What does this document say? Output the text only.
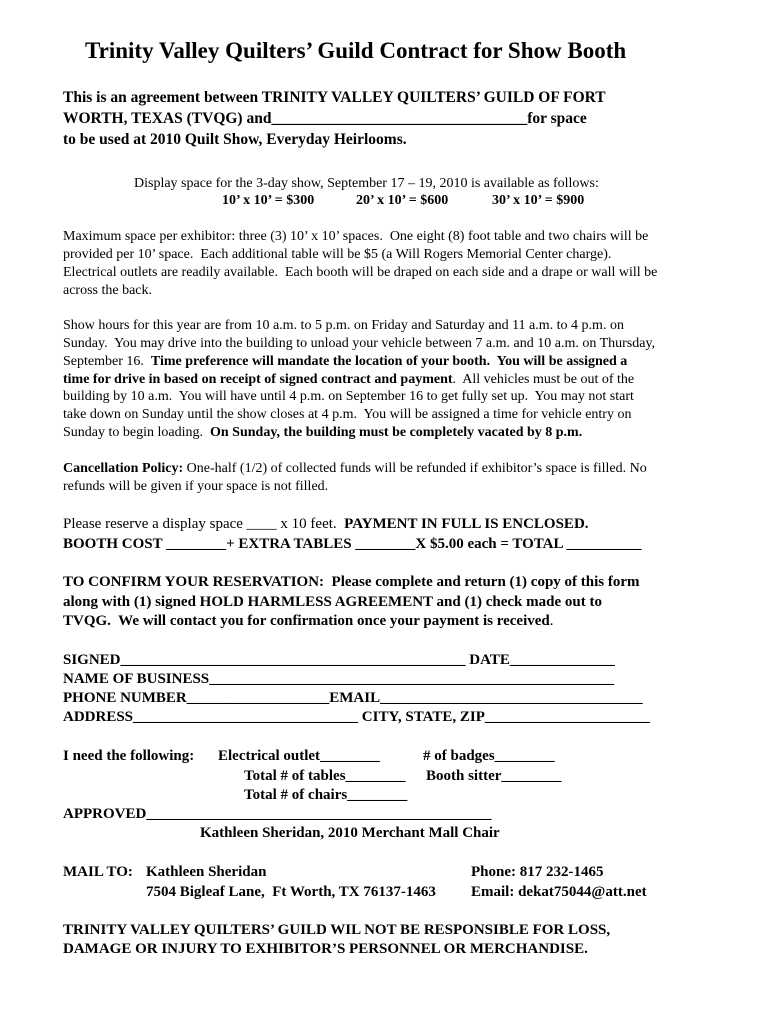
Trinity Valley Quilters’ Guild Contract for Show Booth
This is an agreement between TRINITY VALLEY QUILTERS’ GUILD OF FORT
WORTH, TEXAS (TVQG) and_________________________________for space
to be used at 2010 Quilt Show, Everyday Heirlooms.
Display space for the 3-day show, September 17 – 19, 2010 is available as follows:
10’ x 10’ = $300	20’ x 10’ = $600	30’ x 10’ = $900
Maximum space per exhibitor: three (3) 10’ x 10’ spaces.  One eight (8) foot table and two chairs will be
provided per 10’ space.  Each additional table will be $5 (a Will Rogers Memorial Center charge).
Electrical outlets are readily available.  Each booth will be draped on each side and a drape or wall will be
across the back.
Show hours for this year are from 10 a.m. to 5 p.m. on Friday and Saturday and 11 a.m. to 4 p.m. on
Sunday.  You may drive into the building to unload your vehicle between 7 a.m. and 10 a.m. on Thursday,
September 16.  Time preference will mandate the location of your booth.  You will be assigned a
time for drive in based on receipt of signed contract and payment.  All vehicles must be out of the
building by 10 a.m.  You will have until 4 p.m. on September 16 to get fully set up.  You may not start
take down on Sunday until the show closes at 4 p.m.  You will be assigned a time for vehicle entry on
Sunday to begin loading.  On Sunday, the building must be completely vacated by 8 p.m.
Cancellation Policy: One-half (1/2) of collected funds will be refunded if exhibitor’s space is filled. No
refunds will be given if your space is not filled.
Please reserve a display space ____ x 10 feet.  PAYMENT IN FULL IS ENCLOSED.
BOOTH COST ________+ EXTRA TABLES ________X $5.00 each = TOTAL __________
TO CONFIRM YOUR RESERVATION:  Please complete and return (1) copy of this form
along with (1) signed HOLD HARMLESS AGREEMENT and (1) check made out to
TVQG.  We will contact you for confirmation once your payment is received.
SIGNED______________________________________________ DATE______________
NAME OF BUSINESS______________________________________________________
PHONE NUMBER___________________EMAIL___________________________________
ADDRESS______________________________ CITY, STATE, ZIP______________________
I need the following: Electrical outlet________	# of badges________
Total # of tables________ Booth sitter________
Total # of chairs________
APPROVED______________________________________________
Kathleen Sheridan, 2010 Merchant Mall Chair
MAIL TO: Kathleen Sheridan
7504 Bigleaf Lane,  Ft Worth, TX 76137-1463
Phone: 817 232-1465
Email: dekat75044@att.net
TRINITY VALLEY QUILTERS’ GUILD WIL NOT BE RESPONSIBLE FOR LOSS,
DAMAGE OR INJURY TO EXHIBITOR’S PERSONNEL OR MERCHANDISE.
